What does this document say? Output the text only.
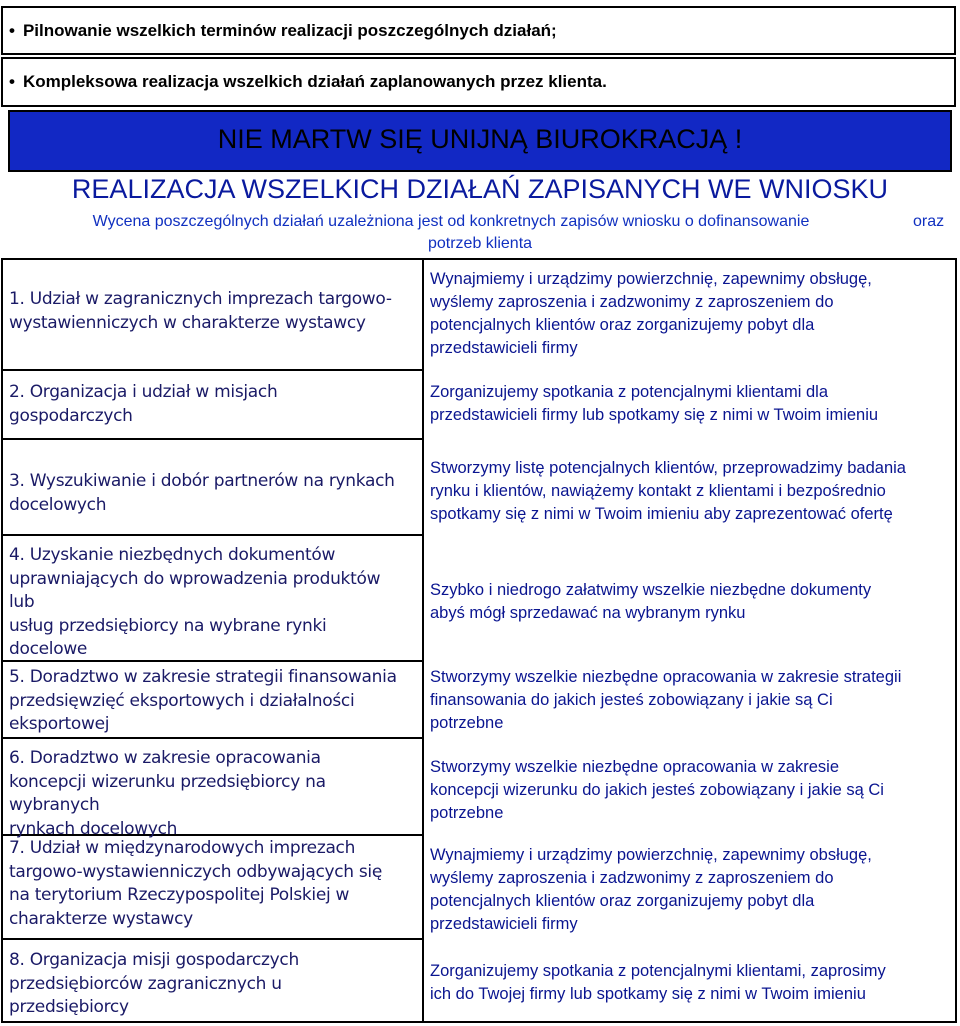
• Pilnowanie wszelkich terminów realizacji poszczególnych działań;
• Kompleksowa realizacja wszelkich działań zaplanowanych przez klienta.
NIE MARTW SIĘ UNIJNĄ BIUROKRACJĄ !
REALIZACJA WSZELKICH DZIAŁAŃ ZAPISANYCH WE WNIOSKU
Wycena poszczególnych działań uzależniona jest od konkretnych zapisów wniosku o dofinansowanie	oraz
potrzeb klienta
1. Udział w zagranicznych imprezach targowo-
wystawienniczych w charakterze wystawcy
Wynajmiemy i urządzimy powierzchnię, zapewnimy obsługę,
wyślemy zaproszenia i zadzwonimy z zaproszeniem do
potencjalnych klientów oraz zorganizujemy pobyt dla
przedstawicieli firmy
2. Organizacja i udział w misjach
gospodarczych
Zorganizujemy spotkania z potencjalnymi klientami dla
przedstawicieli firmy lub spotkamy się z nimi w Twoim imieniu
3. Wyszukiwanie i dobór partnerów na rynkach
docelowych
Stworzymy listę potencjalnych klientów, przeprowadzimy badania
rynku i klientów, nawiążemy kontakt z klientami i bezpośrednio
spotkamy się z nimi w Twoim imieniu aby zaprezentować ofertę
4. Uzyskanie niezbędnych dokumentów
uprawniających do wprowadzenia produktów
lub
usług przedsiębiorcy na wybrane rynki
docelowe
Szybko i niedrogo załatwimy wszelkie niezbędne dokumenty
abyś mógł sprzedawać na wybranym rynku
5. Doradztwo w zakresie strategii finansowania
przedsięwzięć eksportowych i działalności
eksportowej
Stworzymy wszelkie niezbędne opracowania w zakresie strategii
finansowania do jakich jesteś zobowiązany i jakie są Ci
potrzebne
6. Doradztwo w zakresie opracowania
koncepcji wizerunku przedsiębiorcy na
wybranych
rynkach docelowych
Stworzymy wszelkie niezbędne opracowania w zakresie
koncepcji wizerunku do jakich jesteś zobowiązany i jakie są Ci
potrzebne
7. Udział w międzynarodowych imprezach
targowo-wystawienniczych odbywających się
na terytorium Rzeczypospolitej Polskiej w
charakterze wystawcy
Wynajmiemy i urządzimy powierzchnię, zapewnimy obsługę,
wyślemy zaproszenia i zadzwonimy z zaproszeniem do
potencjalnych klientów oraz zorganizujemy pobyt dla
przedstawicieli firmy
8. Organizacja misji gospodarczych
przedsiębiorców zagranicznych u
przedsiębiorcy
Zorganizujemy spotkania z potencjalnymi klientami, zaprosimy
ich do Twojej firmy lub spotkamy się z nimi w Twoim imieniu
